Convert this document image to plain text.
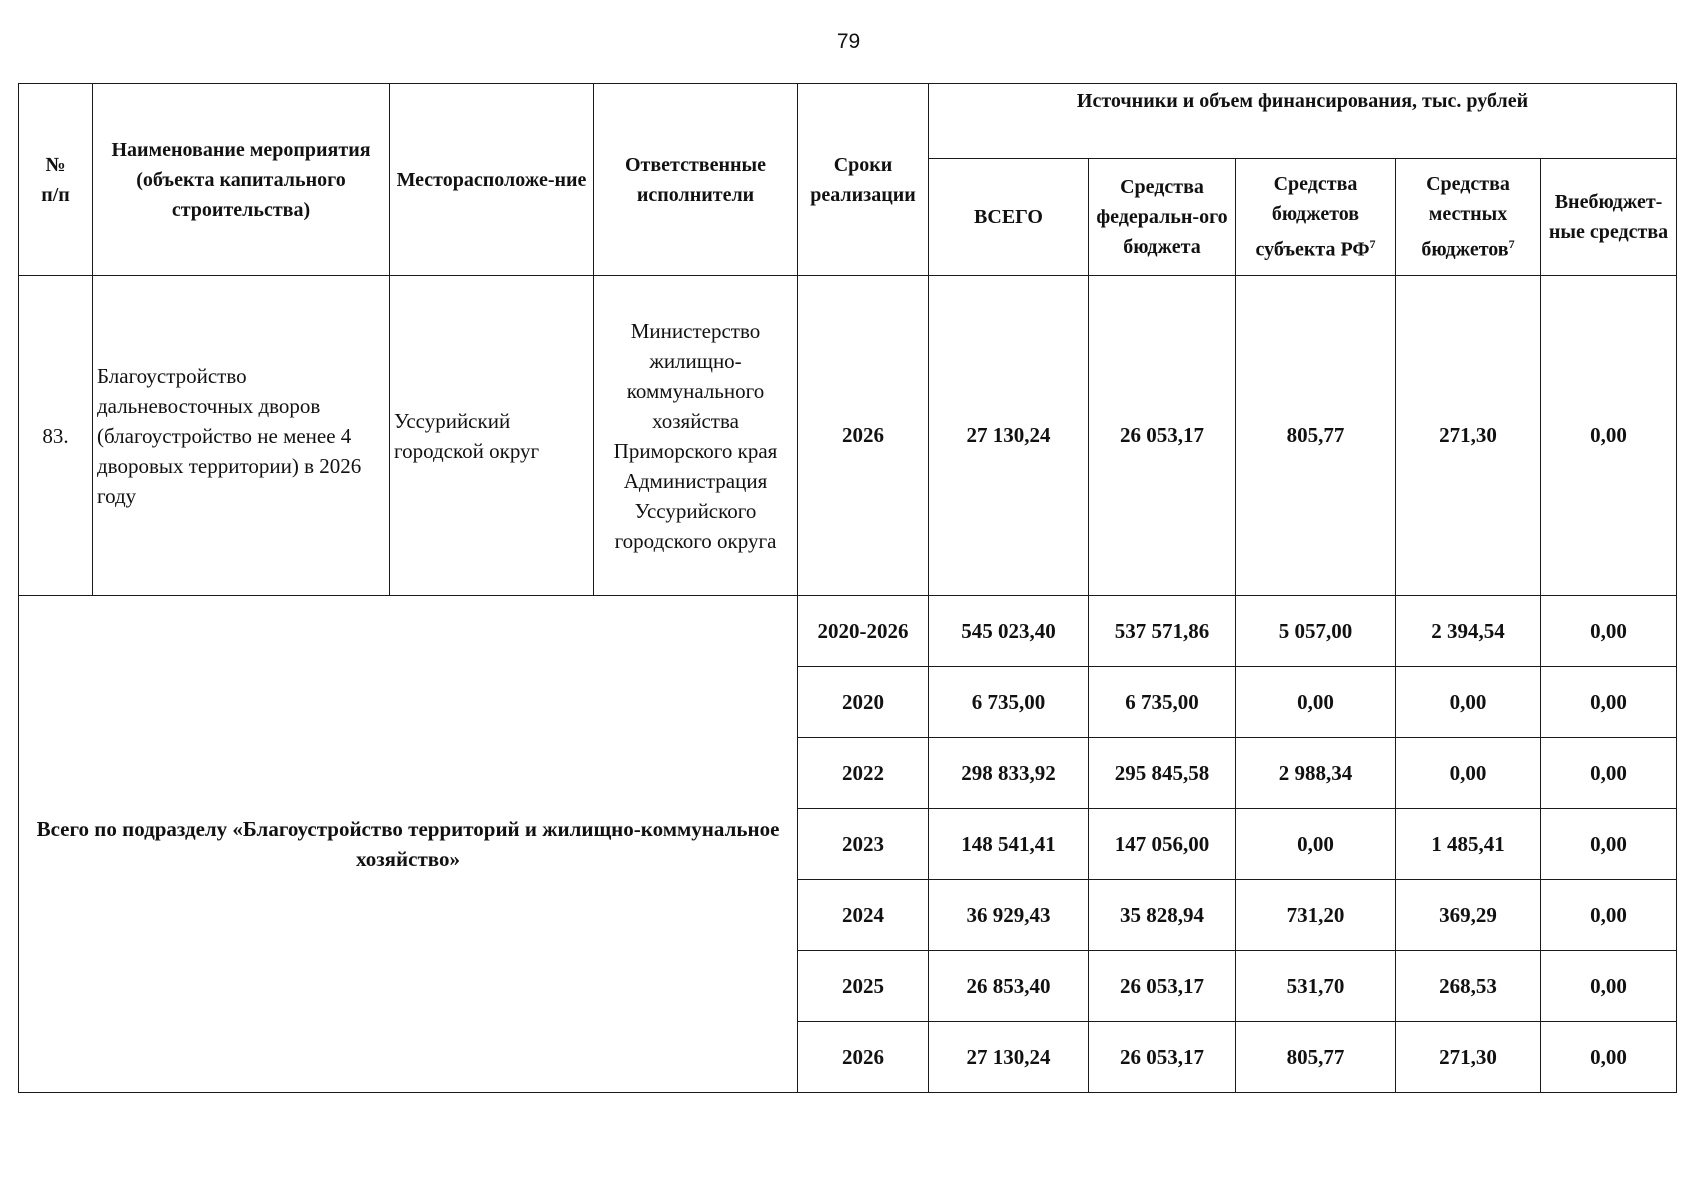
79
№
п/п	Наименование мероприятия (объекта капитального строительства)	Месторасположе-ние	Ответственные исполнители	Сроки реализации	Источники и объем финансирования, тыс. рублей				
					ВСЕГО	Средства федеральн-ого бюджета	Средства бюджетов субъекта $РФ^7$	Средства местных бюджетов$^7$	Внебюджет-ные средства
83.	Благоустройство дальневосточных дворов (благоустройство не менее 4 дворовых территории) в 2026 году	Уссурийский городской округ	Министерство жилищно-коммунального хозяйства Приморского края Администрация Уссурийского городского округа	2026	27 130,24	26 053,17	805,77	271,30	0,00
Всего по подразделу «Благоустройство территорий и жилищно-коммунальное хозяйство»				2020-2026	545 023,40	537 571,86	5 057,00	2 394,54	0,00
				2020	6 735,00	6 735,00	0,00	0,00	0,00
				2022	298 833,92	295 845,58	2 988,34	0,00	0,00
				2023	148 541,41	147 056,00	0,00	1 485,41	0,00
				2024	36 929,43	35 828,94	731,20	369,29	0,00
				2025	26 853,40	26 053,17	531,70	268,53	0,00
				2026	27 130,24	26 053,17	805,77	271,30	0,00
